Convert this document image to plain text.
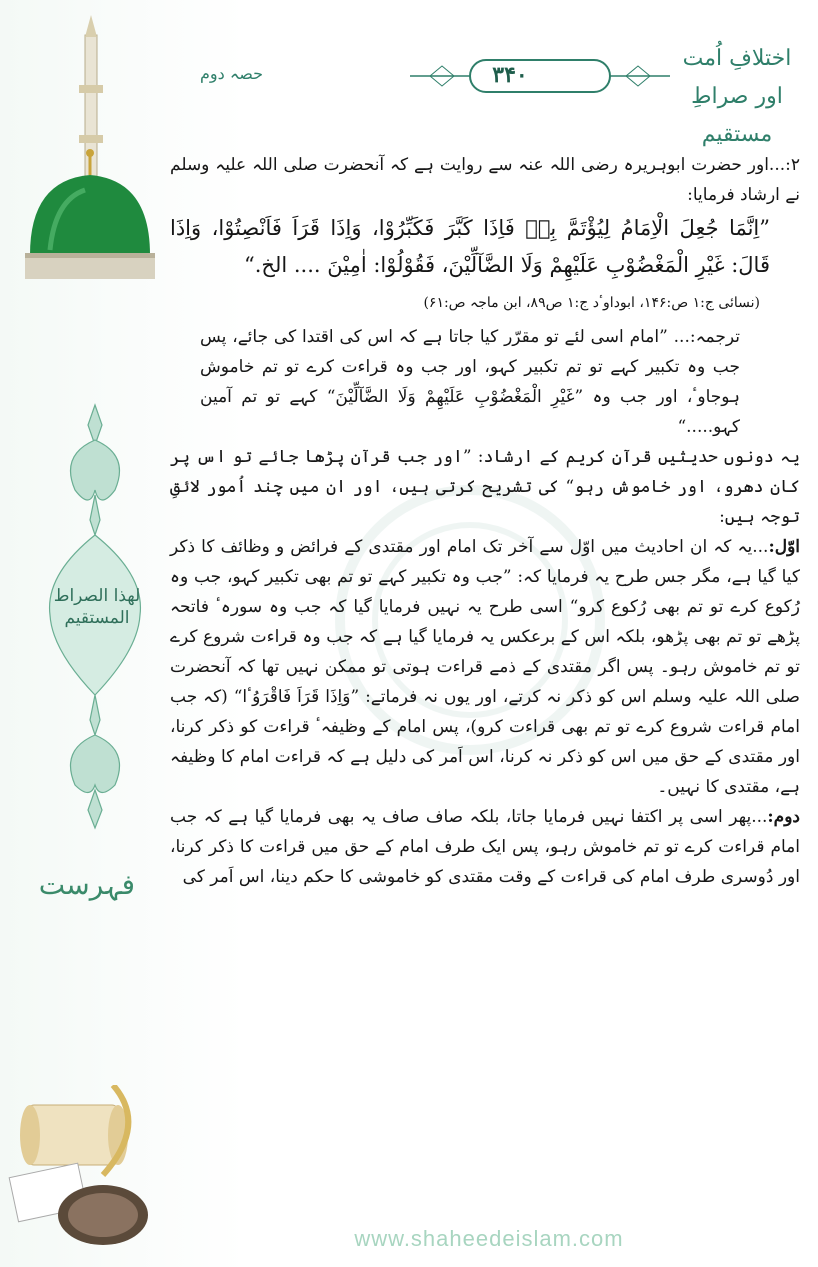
لھذا الصراط المستقیم
فہرست
اختلافِ اُمت
اور صراطِ مستقیم
حصہ دوم	۳۴۰

۲:...اور حضرت ابوہریرہ رضی اللہ عنہ سے روایت ہے کہ آنحضرت صلی اللہ علیہ وسلم نے ارشاد فرمایا:

”اِنَّمَا جُعِلَ الْاِمَامُ لِيُؤْتَمَّ بِهٖ فَاِذَا كَبَّرَ فَكَبِّرُوْا، وَاِذَا قَرَاَ فَاَنْصِتُوْا، وَاِذَا قَالَ: غَيْرِ الْمَغْضُوْبِ عَلَيْهِمْ وَلَا الضَّآلِّيْنَ، فَقُوْلُوْا: اٰمِيْنَ .... الخ.“

(نسائی ج:۱ ص:۱۴۶، ابوداوٴد ج:۱ ص۸۹، ابن ماجہ ص:۶۱)

ترجمہ:... ”امام اسی لئے تو مقرّر کیا جاتا ہے کہ اس کی اقتدا کی جائے، پس جب وہ تکبیر کہے تو تم تکبیر کہو، اور جب وہ قراءت کرے تو تم خاموش ہوجاوٴ، اور جب وہ ”غَيْرِ الْمَغْضُوْبِ عَلَيْهِمْ وَلَا الضَّآلِّيْنَ“ کہے تو تم آمین کہو.....“

یہ دونوں حدیثیں قرآنِ کریم کے ارشاد: ”اور جب قرآن پڑھا جائے تو اس پر کان دھرو، اور خاموش رہو“ کی تشریح کرتی ہیں، اور ان میں چند اُمور لائقِ توجہ ہیں:

اوّل:...یہ کہ ان احادیث میں اوّل سے آخر تک امام اور مقتدی کے فرائض و وظائف کا ذکر کیا گیا ہے، مگر جس طرح یہ فرمایا کہ: ”جب وہ تکبیر کہے تو تم بھی تکبیر کہو، جب وہ رُکوع کرے تو تم بھی رُکوع کرو“ اسی طرح یہ نہیں فرمایا گیا کہ جب وہ سورہٴ فاتحہ پڑھے تو تم بھی پڑھو، بلکہ اس کے برعکس یہ فرمایا گیا ہے کہ جب وہ قراءت شروع کرے تو تم خاموش رہو۔ پس اگر مقتدی کے ذمے قراءت ہوتی تو ممکن نہیں تھا کہ آنحضرت صلی اللہ علیہ وسلم اس کو ذکر نہ کرتے، اور یوں نہ فرماتے: ”وَاِذَا قَرَاَ فَاقْرَوُٴا“ (کہ جب امام قراءت شروع کرے تو تم بھی قراءت کرو)، پس امام کے وظیفہٴ قراءت کو ذکر کرنا، اور مقتدی کے حق میں اس کو ذکر نہ کرنا، اس اَمر کی دلیل ہے کہ قراءت امام کا وظیفہ ہے، مقتدی کا نہیں۔

دوم:...پھر اسی پر اکتفا نہیں فرمایا جاتا، بلکہ صاف صاف یہ بھی فرمایا گیا ہے کہ جب امام قراءت کرے تو تم خاموش رہو، پس ایک طرف امام کے حق میں قراءت کا ذکر کرنا، اور دُوسری طرف امام کی قراءت کے وقت مقتدی کو خاموشی کا حکم دینا، اس اَمر کی

www.shaheedeislam.com
